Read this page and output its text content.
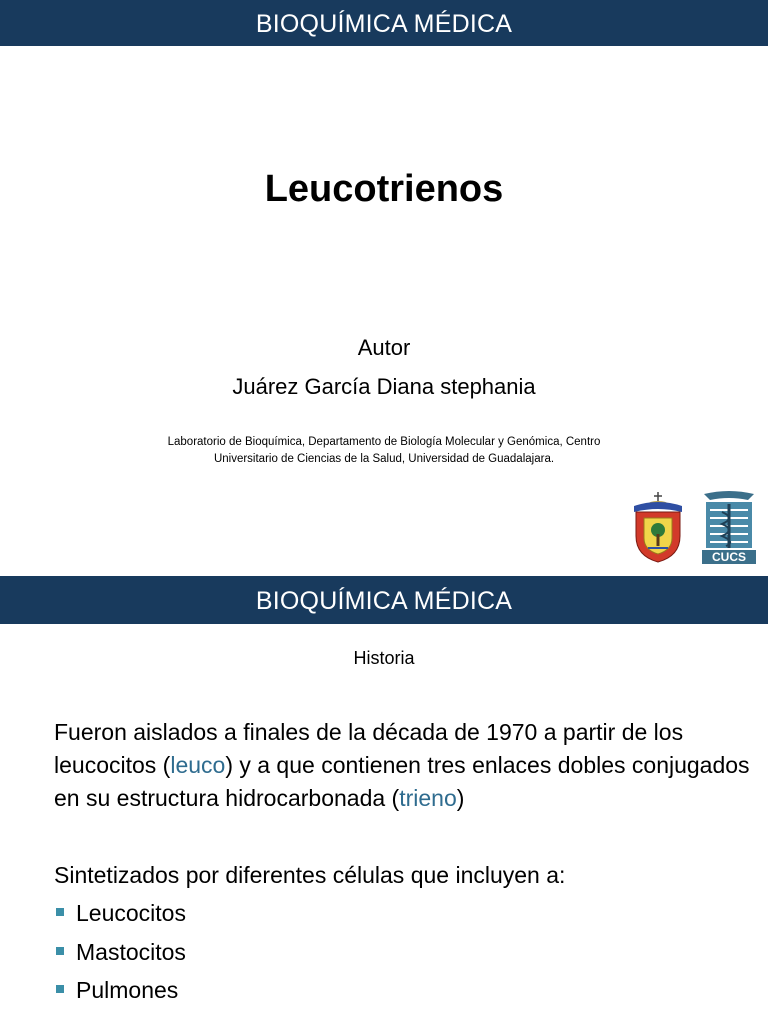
BIOQUÍMICA MÉDICA
Leucotrienos
Autor
Juárez García Diana stephania
Laboratorio de Bioquímica, Departamento de Biología Molecular y Genómica, Centro
Universitario de Ciencias de la Salud, Universidad de Guadalajara.
CUCS
BIOQUÍMICA MÉDICA
Historia
Fueron aislados a finales de la década de 1970 a partir de los leucocitos (leuco) y a que contienen tres enlaces dobles conjugados en su estructura hidrocarbonada (trieno)
Sintetizados por diferentes células que incluyen a:
Leucocitos
Mastocitos
Pulmones
